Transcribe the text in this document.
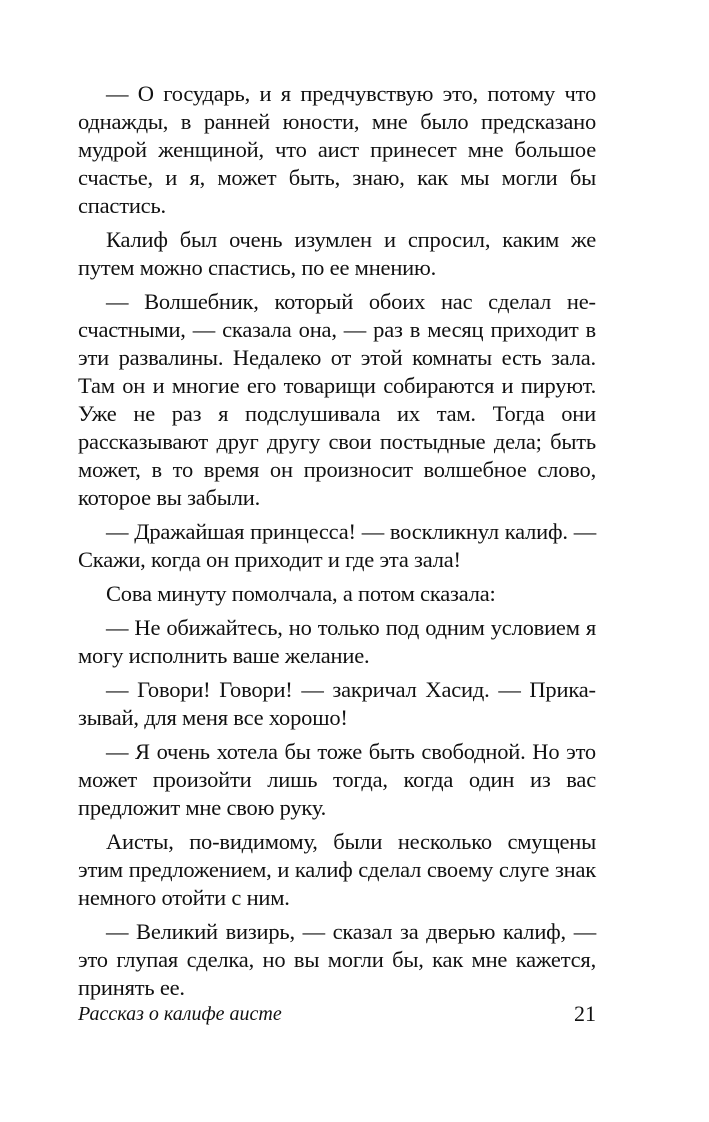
— О государь, и я предчувствую это, потому что однажды, в ранней юности, мне было предсказано мудрой женщиной, что аист принесет мне большое счастье, и я, может быть, знаю, как мы могли бы спастись.

Калиф был очень изумлен и спросил, каким же путем можно спастись, по ее мнению.

— Волшебник, который обоих нас сделал несчастными, — сказала она, — раз в месяц приходит в эти развалины. Недалеко от этой комнаты есть зала. Там он и многие его товарищи собираются и пируют. Уже не раз я подслушивала их там. Тогда они рассказывают друг другу свои постыдные дела; быть может, в то время он произносит волшебное слово, которое вы забыли.

— Дражайшая принцесса! — воскликнул калиф. — Скажи, когда он приходит и где эта зала!

Сова минуту помолчала, а потом сказала:

— Не обижайтесь, но только под одним условием я могу исполнить ваше желание.

— Говори! Говори! — закричал Хасид. — Приказывай, для меня все хорошо!

— Я очень хотела бы тоже быть свободной. Но это может произойти лишь тогда, когда один из вас предложит мне свою руку.

Аисты, по-видимому, были несколько смущены этим предложением, и калиф сделал своему слуге знак немного отойти с ним.

— Великий визирь, — сказал за дверью калиф, — это глупая сделка, но вы могли бы, как мне кажется, принять ее.

Рассказ о калифе аисте	21
